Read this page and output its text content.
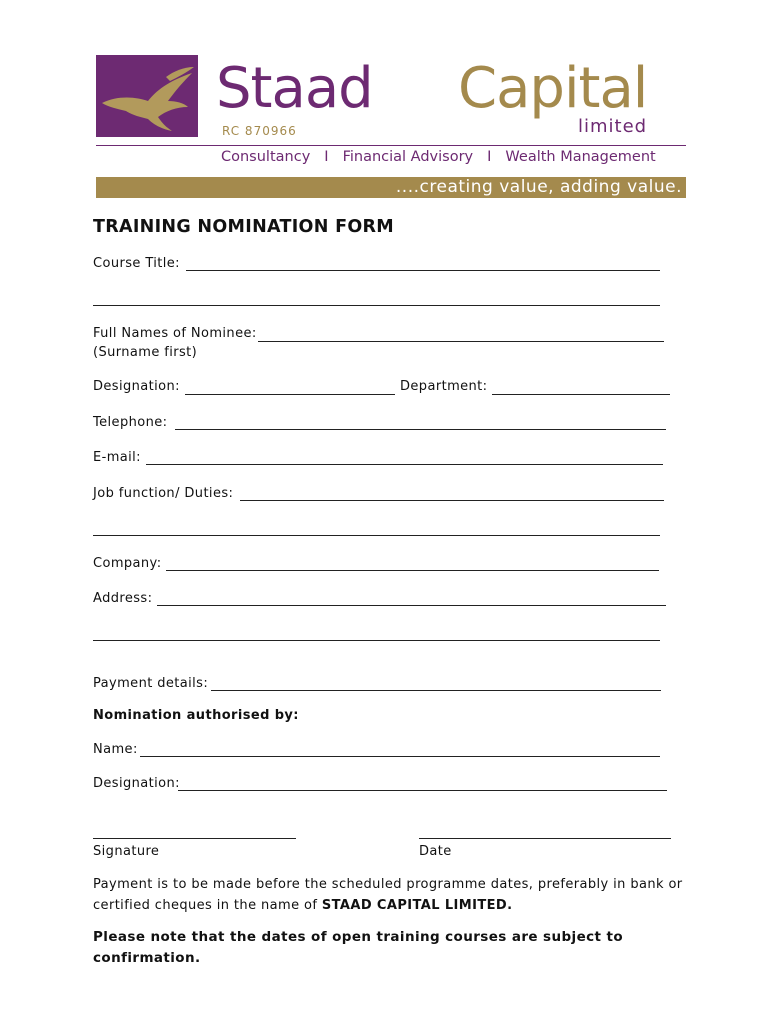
Staad Capital
limited
RC 870966
Consultancy I Financial Advisory I Wealth Management
....creating value, adding value.
TRAINING NOMINATION FORM
Course Title:
Full Names of Nominee:
(Surname first)
Designation:	Department:
Telephone:
E-mail:
Job function/ Duties:
Company:
Address:
Payment details:
Nomination authorised by:
Name:
Designation:
Signature	Date
Payment is to be made before the scheduled programme dates, preferably in bank or certified cheques in the name of STAAD CAPITAL LIMITED.
Please note that the dates of open training courses are subject to confirmation.
